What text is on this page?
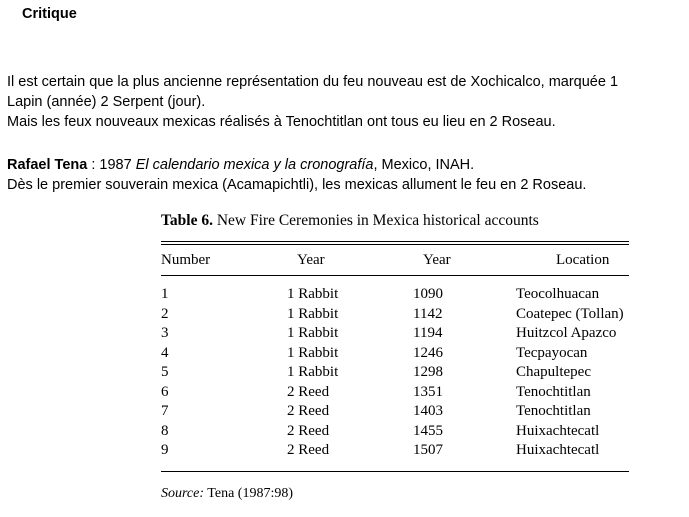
Critique
Il est certain que la plus ancienne représentation du feu nouveau est de Xochicalco, marquée 1
Lapin (année) 2 Serpent (jour).
Mais les feux nouveaux mexicas réalisés à Tenochtitlan ont tous eu lieu en 2 Roseau.
Rafael Tena : 1987 El calendario mexica y la cronografía, Mexico, INAH.
Dès le premier souverain mexica (Acamapichtli), les mexicas allument le feu en 2 Roseau.
Table 6. New Fire Ceremonies in Mexica historical accounts
Number	Year	Year	Location

1	1 Rabbit	1090	Teocolhuacan
2	1 Rabbit	1142	Coatepec (Tollan)
3	1 Rabbit	1194	Huitzcol Apazco
4	1 Rabbit	1246	Tecpayocan
5	1 Rabbit	1298	Chapultepec
6	2 Reed	1351	Tenochtitlan
7	2 Reed	1403	Tenochtitlan
8	2 Reed	1455	Huixachtecatl
9	2 Reed	1507	Huixachtecatl
Source: Tena (1987:98)
